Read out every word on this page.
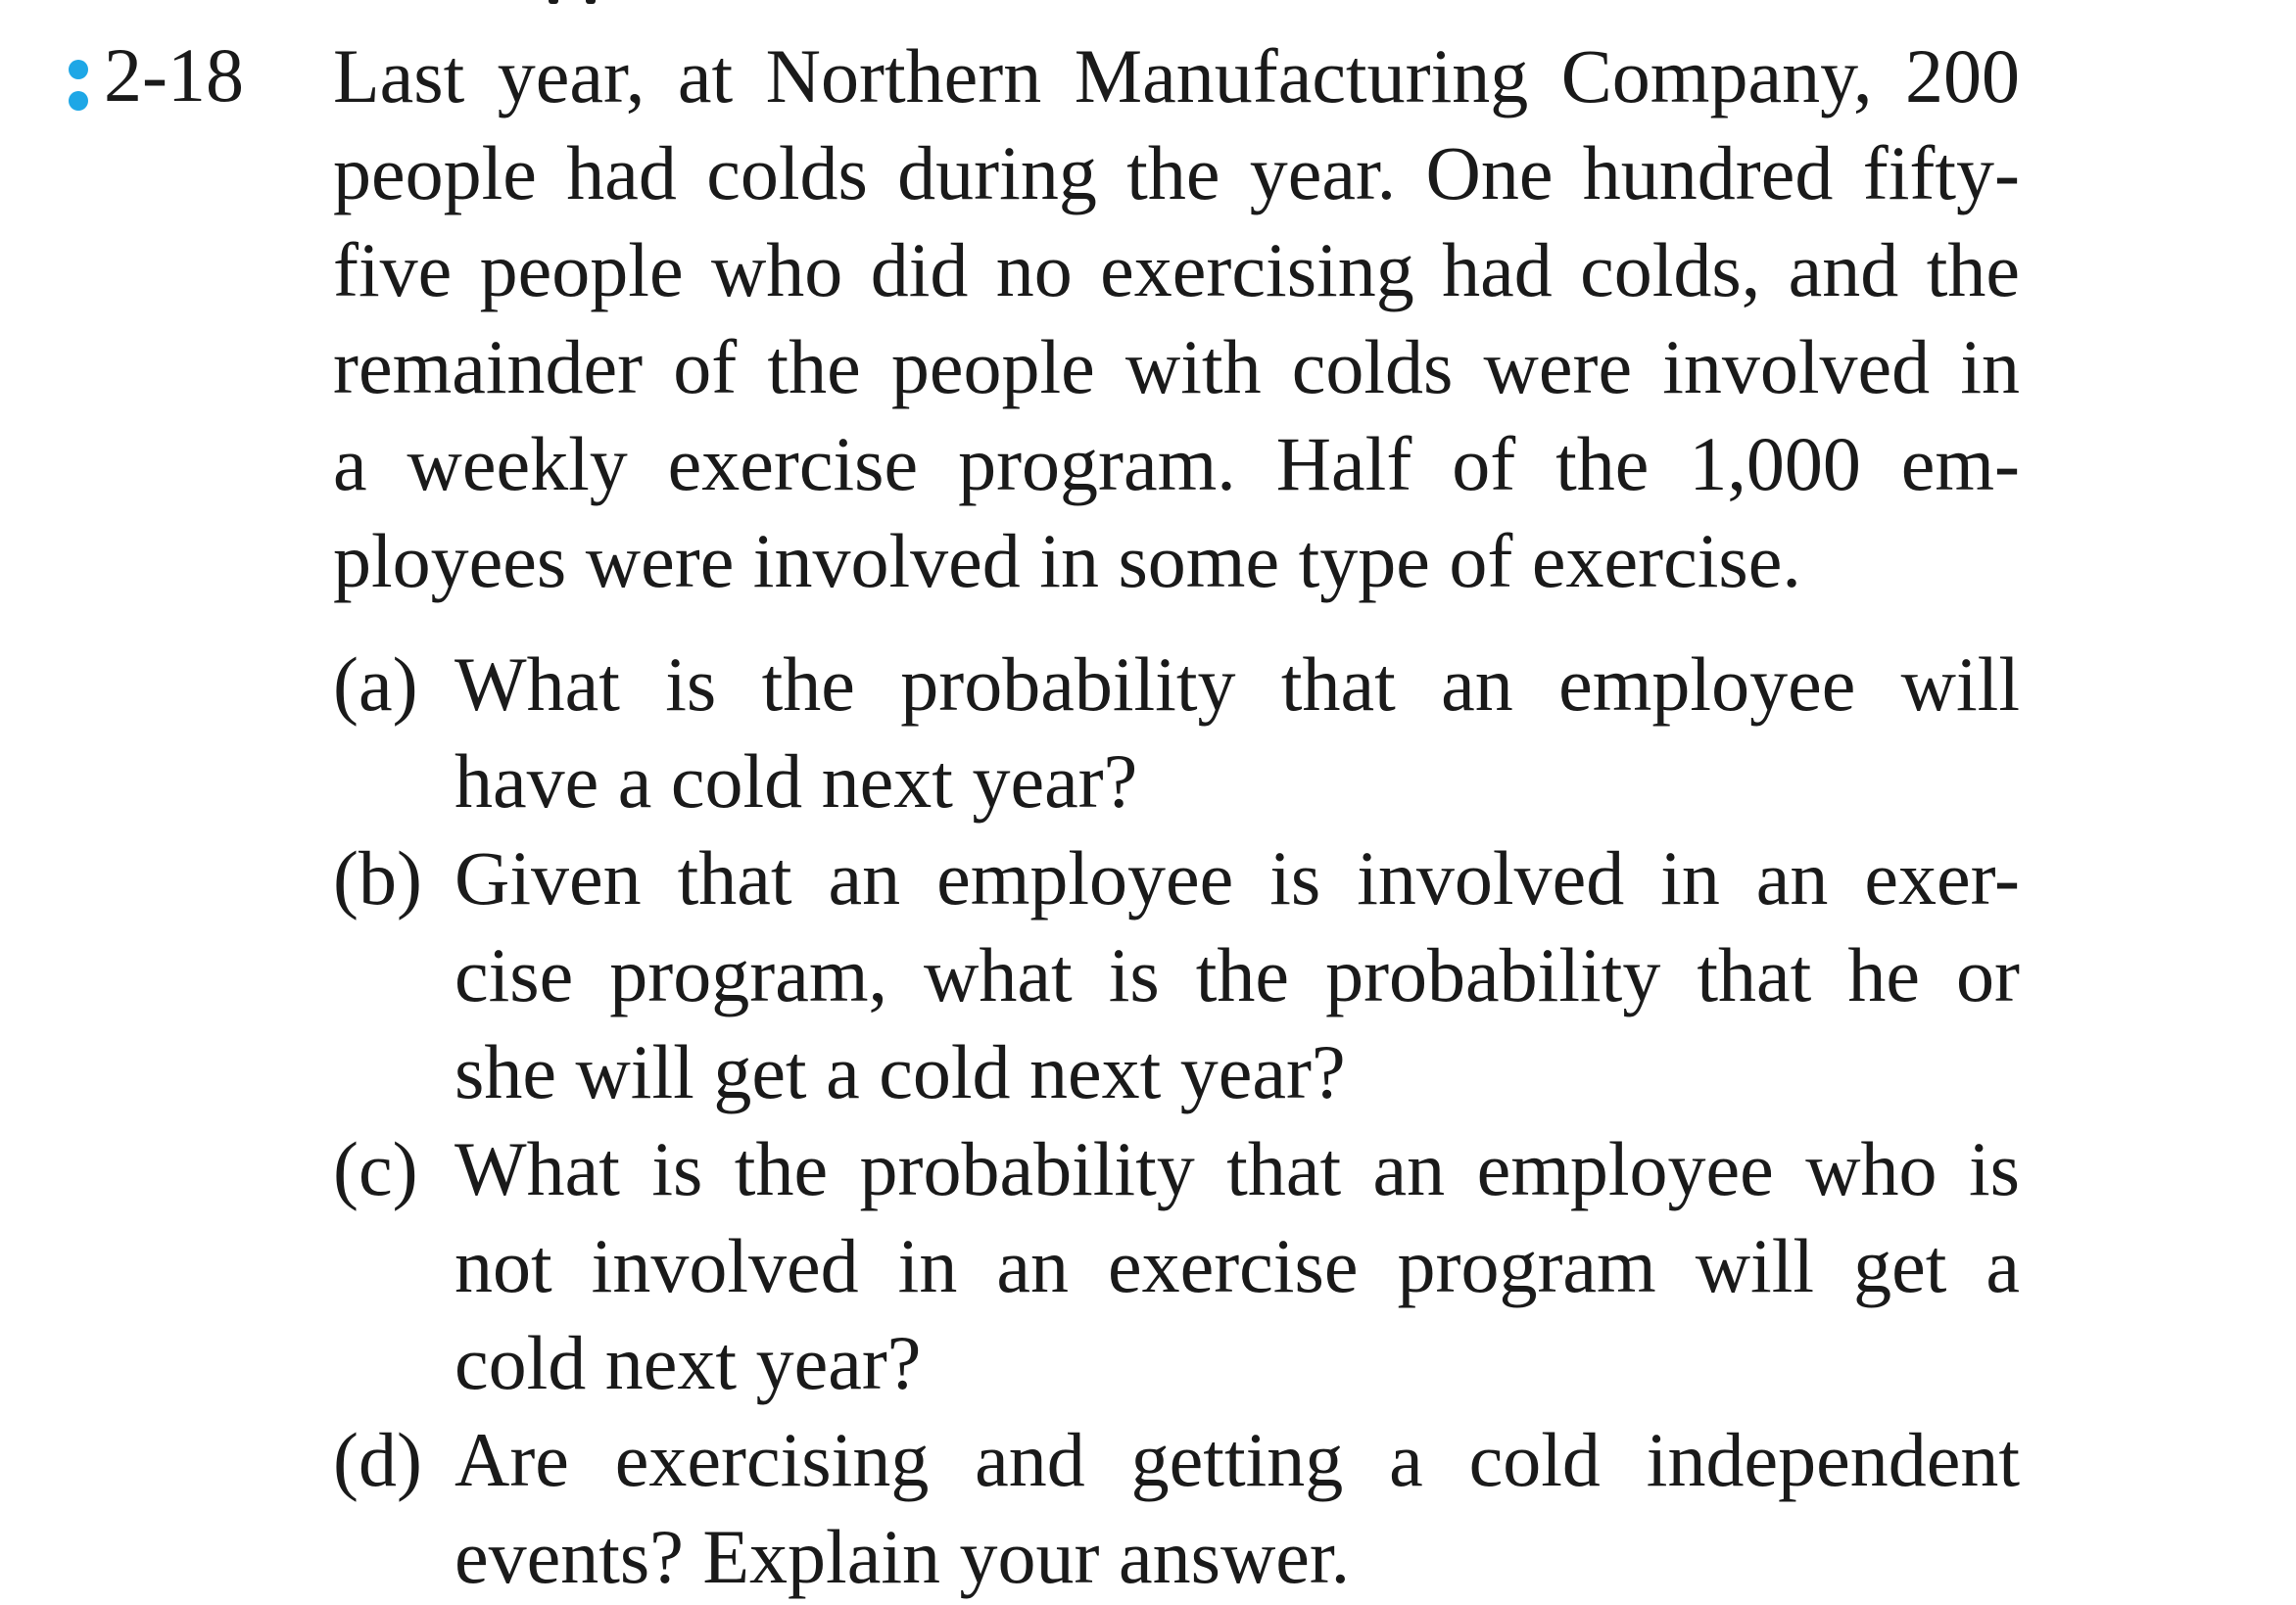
2-18 Last year, at Northern Manufacturing Company, 200

people had colds during the year. One hundred fifty-

five people who did no exercising had colds, and the

remainder of the people with colds were involved in

a weekly exercise program. Half of the 1,000 em-

ployees were involved in some type of exercise.

(a) What is the probability that an employee will

have a cold next year?

(b) Given that an employee is involved in an exer-

cise program, what is the probability that he or

she will get a cold next year?

(c) What is the probability that an employee who is

not involved in an exercise program will get a

cold next year?

(d) Are exercising and getting a cold independent

events? Explain your answer.
